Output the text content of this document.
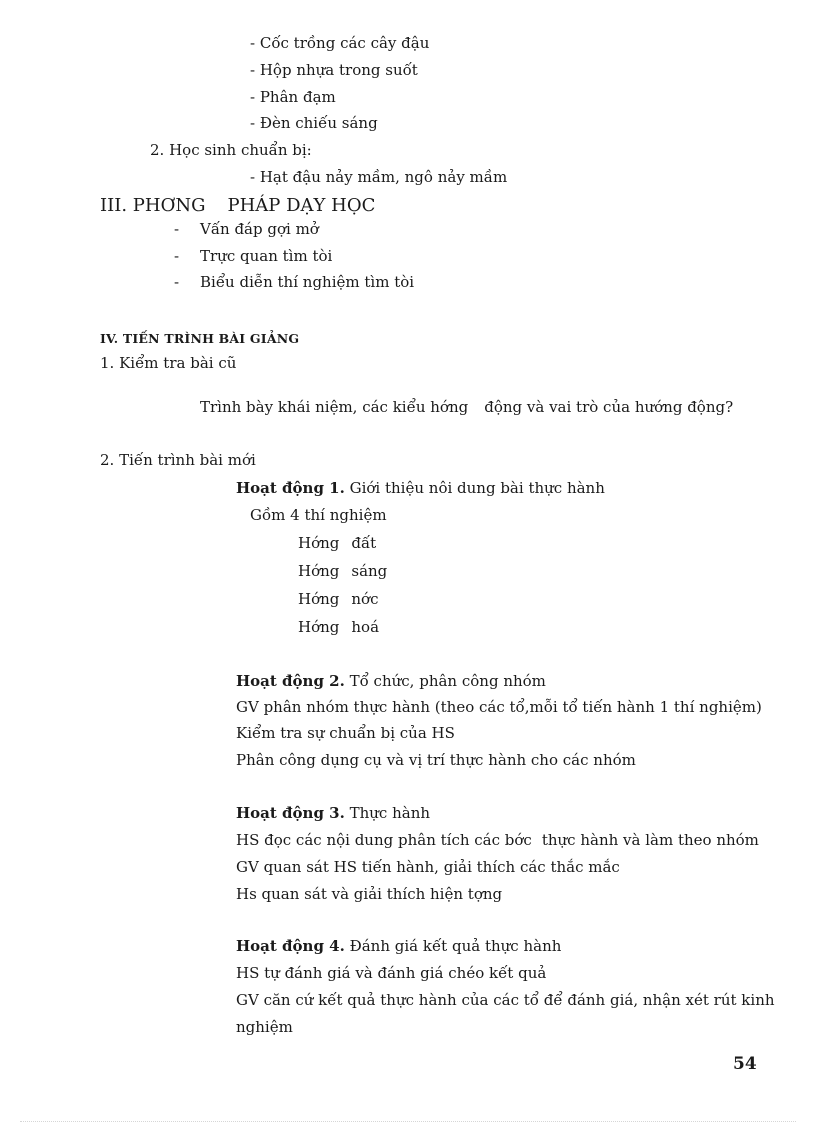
- Cốc trồng các cây đậu
- Hộp nhựa trong suốt
- Phân đạm
- Đèn chiếu sáng
2. Học sinh chuẩn bị:
- Hạt đậu nảy mầm, ngô nảy mầm
III. PHƠNG PHÁP DẠY HỌC
- Vấn đáp gợi mở
- Trực quan tìm tòi
- Biểu diễn thí nghiệm tìm tòi
IV. TIẾN TRÌNH BÀI GIẢNG
1. Kiểm tra bài cũ
Trình bày khái niệm, các kiểu hớng động và vai trò của hướng động?
2. Tiến trình bài mới
Hoạt động 1. Giới thiệu nôi dung bài thực hành
Gồm 4 thí nghiệm
Hớng đất
Hớng sáng
Hớng nớc
Hớng hoá
Hoạt động 2. Tổ chức, phân công nhóm
GV phân nhóm thực hành (theo các tổ,mỗi tổ tiến hành 1 thí nghiệm)
Kiểm tra sự chuẩn bị của HS
Phân công dụng cụ và vị trí thực hành cho các nhóm
Hoạt động 3. Thực hành
HS đọc các nội dung phân tích các bớc thực hành và làm theo nhóm
GV quan sát HS tiến hành, giải thích các thắc mắc
Hs quan sát và giải thích hiện tợng
Hoạt động 4. Đánh giá kết quả thực hành
HS tự đánh giá và đánh giá chéo kết quả
GV căn cứ kết quả thực hành của các tổ để đánh giá, nhận xét rút kinh
nghiệm
54
